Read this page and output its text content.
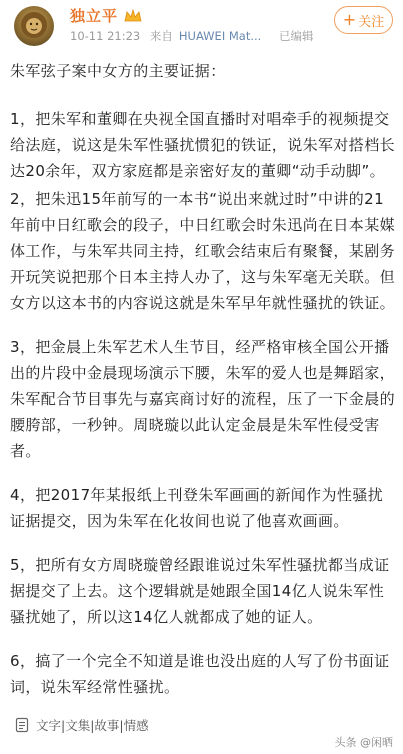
独立平
10-11 21:23 来自 HUAWEI Mat... 已编辑
+ 关注

朱军弦子案中女方的主要证据：

1，把朱军和董卿在央视全国直播时对唱牵手的视频提交给法庭，说这是朱军性骚扰惯犯的铁证，说朱军对搭档长达20余年，双方家庭都是亲密好友的董卿“动手动脚”。

2，把朱迅15年前写的一本书“说出来就过时”中讲的21年前中日红歌会的段子，中日红歌会时朱迅尚在日本某媒体工作，与朱军共同主持，红歌会结束后有聚餐，某剧务开玩笑说把那个日本主持人办了，这与朱军毫无关联。但女方以这本书的内容说这就是朱军早年就性骚扰的铁证。

3，把金晨上朱军艺术人生节目，经严格审核全国公开播出的片段中金晨现场演示下腰，朱军的爱人也是舞蹈家，朱军配合节目事先与嘉宾商讨好的流程，压了一下金晨的腰胯部，一秒钟。周晓璇以此认定金晨是朱军性侵受害者。

4，把2017年某报纸上刊登朱军画画的新闻作为性骚扰证据提交，因为朱军在化妆间也说了他喜欢画画。

5，把所有女方周晓璇曾经跟谁说过朱军性骚扰都当成证据提交了上去。这个逻辑就是她跟全国14亿人说朱军性骚扰她了，所以这14亿人就都成了她的证人。

6，搞了一个完全不知道是谁也没出庭的人写了份书面证词，说朱军经常性骚扰。

文字|文集|故事|情感
头条 @闲晒
